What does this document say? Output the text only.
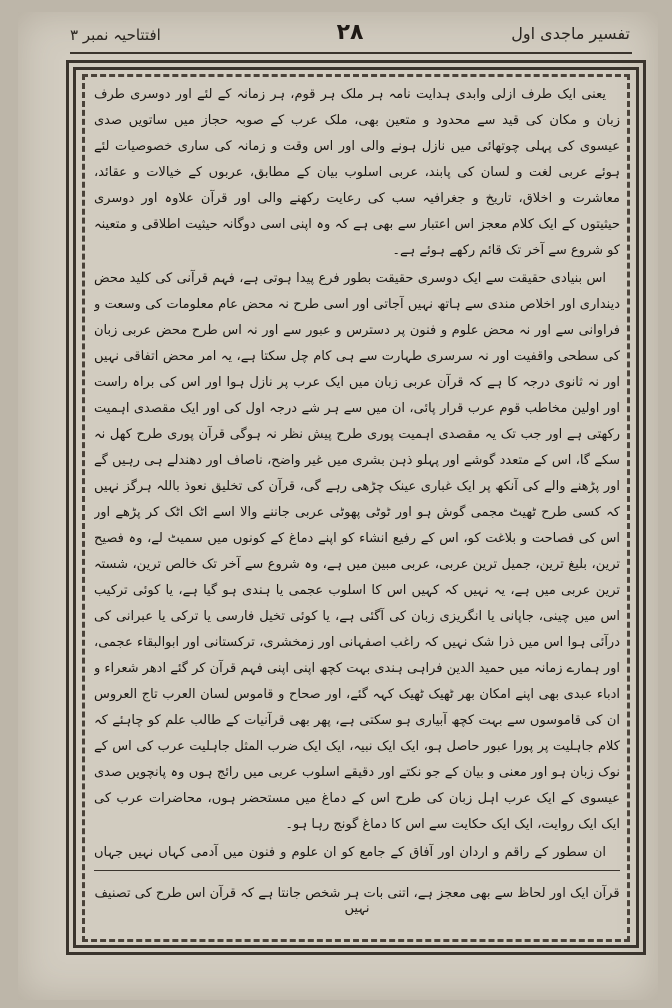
افتتاحیہ نمبر ۳	۲۸	تفسیر ماجدی اول

یعنی ایک طرف ازلی وابدی ہدایت نامہ ہر ملک ہر قوم، ہر زمانہ کے لئے اور دوسری طرف زبان و مکان کی قید سے محدود و متعین بھی، ملک عرب کے صوبہ حجاز میں ساتویں صدی عیسوی کی پہلی چوتھائی میں نازل ہونے والی اور اس وقت و زمانہ کی ساری خصوصیات لئے ہوئے عربی لغت و لسان کی پابند، عربی اسلوب بیان کے مطابق، عربوں کے خیالات و عقائد، معاشرت و اخلاق، تاریخ و جغرافیہ سب کی رعایت رکھنے والی اور قرآن علاوہ اور دوسری حیثیتوں کے ایک کلام معجز اس اعتبار سے بھی ہے کہ وہ اپنی اسی دوگانہ حیثیت اطلاقی و متعینہ کو شروع سے آخر تک قائم رکھے ہوئے ہے۔

اس بنیادی حقیقت سے ایک دوسری حقیقت بطور فرع پیدا ہوتی ہے، فہم قرآنی کی کلید محض دینداری اور اخلاص مندی سے ہاتھ نہیں آجاتی اور اسی طرح نہ محض عام معلومات کی وسعت و فراوانی سے اور نہ محض علوم و فنون پر دسترس و عبور سے اور نہ اس طرح محض عربی زبان کی سطحی واقفیت اور نہ سرسری طہارت سے ہی کام چل سکتا ہے، یہ امر محض اتفاقی نہیں اور نہ ثانوی درجہ کا ہے کہ قرآن عربی زبان میں ایک عرب پر نازل ہوا اور اس کی براہ راست اور اولین مخاطب قوم عرب قرار پائی، ان میں سے ہر شے درجہ اول کی اور ایک مقصدی اہمیت رکھتی ہے اور جب تک یہ مقصدی اہمیت پوری طرح پیش نظر نہ ہوگی قرآن پوری طرح کھل نہ سکے گا، اس کے متعدد گوشے اور پہلو ذہن بشری میں غیر واضح، ناصاف اور دھندلے ہی رہیں گے اور پڑھنے والے کی آنکھ پر ایک غباری عینک چڑھی رہے گی، قرآن کی تخلیق نعوذ باللہ ہرگز نہیں کہ کسی طرح ٹھیٹ مجمی گوش ہو اور ٹوٹی پھوٹی عربی جاننے والا اسے اٹک اٹک کر پڑھے اور اس کی فصاحت و بلاغت کو، اس کے رفیع انشاء کو اپنے دماغ کے کونوں میں سمیٹ لے، وہ فصیح ترین، بلیغ ترین، جمیل ترین عربی، عربی مبین میں ہے، وہ شروع سے آخر تک خالص ترین، شستہ ترین عربی میں ہے، یہ نہیں کہ کہیں اس کا اسلوب عجمی یا ہندی ہو گیا ہے، یا کوئی ترکیب اس میں چینی، جاپانی یا انگریزی زبان کی آگئی ہے، یا کوئی تخیل فارسی یا ترکی یا عبرانی کی درآئی ہوا اس میں ذرا شک نہیں کہ راغب اصفہانی اور زمخشری، ترکستانی اور ابوالبقاء عجمی، اور ہمارے زمانہ میں حمید الدین فراہی ہندی بہت کچھ اپنی اپنی فہم قرآن کر گئے ادھر شعراء و ادباء عبدی بھی اپنے امکان بھر ٹھیک ٹھیک کہہ گئے، اور صحاح و قاموس لسان العرب تاج العروس ان کی قاموسوں سے بہت کچھ آبیاری ہو سکتی ہے، پھر بھی قرآنیات کے طالب علم کو چاہئے کہ کلام جاہلیت پر پورا عبور حاصل ہو، ایک ایک نبیہ، ایک ایک ضرب المثل جاہلیت عرب کی اس کے نوک زبان ہو اور معنی و بیان کے جو نکتے اور دقیقے اسلوب عربی میں رائج ہوں وہ پانچویں صدی عیسوی کے ایک عرب اہل زبان کی طرح اس کے دماغ میں مستحضر ہوں، محاضرات عرب کی ایک ایک روایت، ایک ایک حکایت سے اس کا دماغ گونج رہا ہو۔

ان سطور کے راقم و اردان اور آفاق کے جامع کو ان علوم و فنون میں آدمی کہاں نہیں جہاں

قرآن ایک اور لحاظ سے بھی معجز ہے، اتنی بات ہر شخص جانتا ہے کہ قرآن اس طرح کی تصنیف نہیں
